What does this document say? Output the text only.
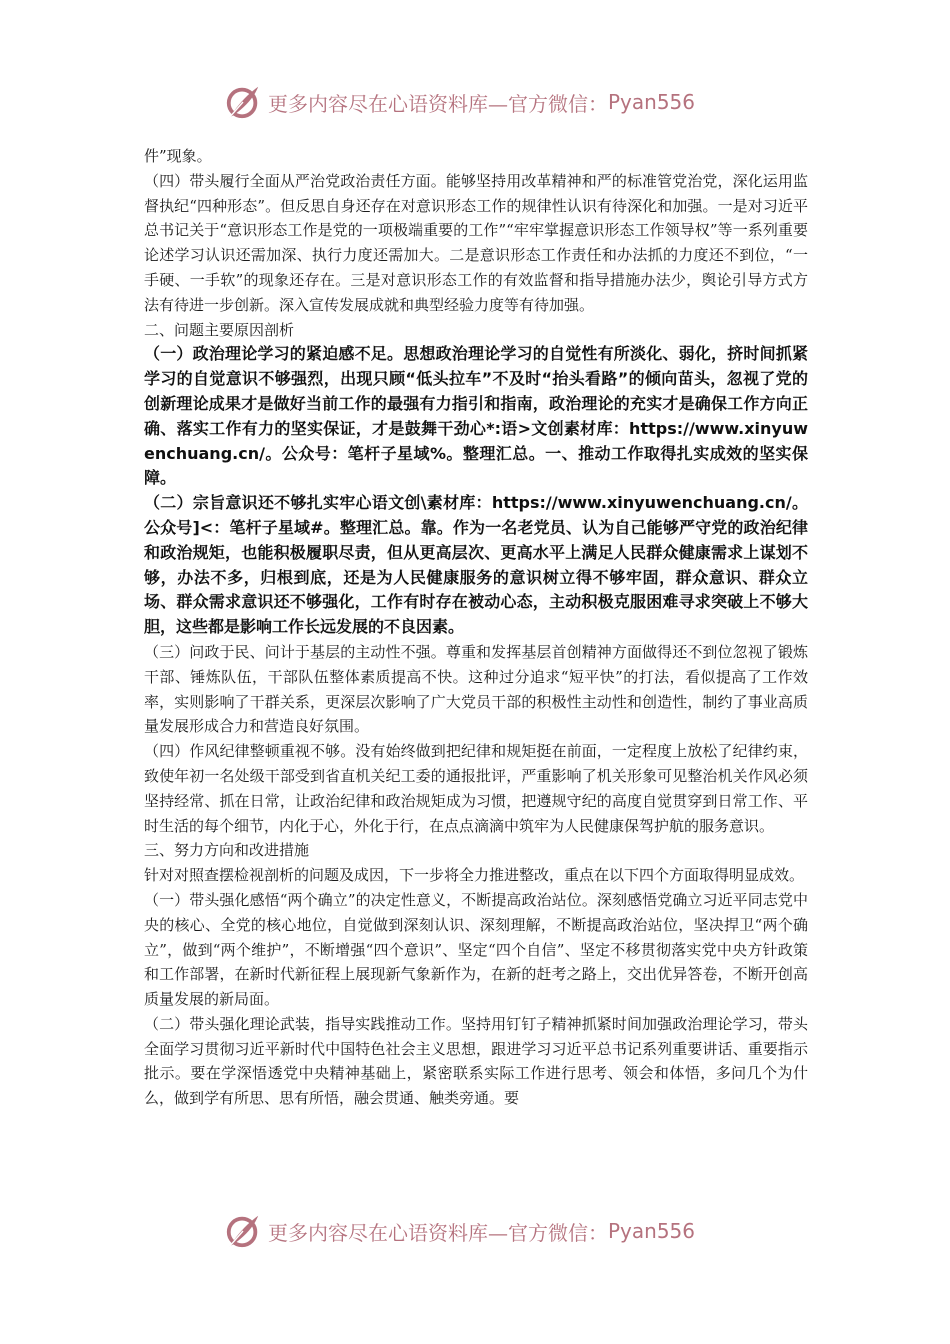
更多内容尽在心语资料库—官方微信： Pyan556

件”现象。

（四）带头履行全面从严治党政治责任方面。能够坚持用改革精神和严的标准管党治党，深化运用监督执纪“四种形态”。但反思自身还存在对意识形态工作的规律性认识有待深化和加强。一是对习近平总书记关于“意识形态工作是党的一项极端重要的工作”“牢牢掌握意识形态工作领导权”等一系列重要论述学习认识还需加深、执行力度还需加大。二是意识形态工作责任和办法抓的力度还不到位，“一手硬、一手软”的现象还存在。三是对意识形态工作的有效监督和指导措施办法少，舆论引导方式方法有待进一步创新。深入宣传发展成就和典型经验力度等有待加强。

二、问题主要原因剖析

（一）政治理论学习的紧迫感不足。思想政治理论学习的自觉性有所淡化、弱化，挤时间抓紧学习的自觉意识不够强烈，出现只顾“低头拉车”不及时“抬头看路”的倾向苗头，忽视了党的创新理论成果才是做好当前工作的最强有力指引和指南，政治理论的充实才是确保工作方向正确、落实工作有力的坚实保证，才是鼓舞干劲心*:语>文创素材库：https://www.xinyuwenchuang.cn/。公众号：笔杆子星域%。整理汇总。一、推动工作取得扎实成效的坚实保障。

（二）宗旨意识还不够扎实牢心语文创\素材库：https://www.xinyuwenchuang.cn/。公众号]<：笔杆子星域#。整理汇总。靠。作为一名老党员、认为自己能够严守党的政治纪律和政治规矩，也能积极履职尽责，但从更高层次、更高水平上满足人民群众健康需求上谋划不够，办法不多，归根到底，还是为人民健康服务的意识树立得不够牢固，群众意识、群众立场、群众需求意识还不够强化，工作有时存在被动心态，主动积极克服困难寻求突破上不够大胆，这些都是影响工作长远发展的不良因素。

（三）问政于民、问计于基层的主动性不强。尊重和发挥基层首创精神方面做得还不到位忽视了锻炼干部、锤炼队伍，干部队伍整体素质提高不快。这种过分追求“短平快”的打法，看似提高了工作效率，实则影响了干群关系，更深层次影响了广大党员干部的积极性主动性和创造性，制约了事业高质量发展形成合力和营造良好氛围。

（四）作风纪律整顿重视不够。没有始终做到把纪律和规矩挺在前面，一定程度上放松了纪律约束，致使年初一名处级干部受到省直机关纪工委的通报批评，严重影响了机关形象可见整治机关作风必须坚持经常、抓在日常，让政治纪律和政治规矩成为习惯，把遵规守纪的高度自觉贯穿到日常工作、平时生活的每个细节，内化于心，外化于行，在点点滴滴中筑牢为人民健康保驾护航的服务意识。

三、努力方向和改进措施

针对对照查摆检视剖析的问题及成因，下一步将全力推进整改，重点在以下四个方面取得明显成效。

（一）带头强化感悟“两个确立”的决定性意义，不断提高政治站位。深刻感悟党确立习近平同志党中央的核心、全党的核心地位，自觉做到深刻认识、深刻理解，不断提高政治站位，坚决捍卫“两个确立”，做到“两个维护”，不断增强“四个意识”、坚定“四个自信”、坚定不移贯彻落实党中央方针政策和工作部署，在新时代新征程上展现新气象新作为，在新的赶考之路上，交出优异答卷，不断开创高质量发展的新局面。

（二）带头强化理论武装，指导实践推动工作。坚持用钉钉子精神抓紧时间加强政治理论学习，带头全面学习贯彻习近平新时代中国特色社会主义思想，跟进学习习近平总书记系列重要讲话、重要指示批示。要在学深悟透党中央精神基础上，紧密联系实际工作进行思考、领会和体悟，多问几个为什么，做到学有所思、思有所悟，融会贯通、触类旁通。要

更多内容尽在心语资料库—官方微信： Pyan556
